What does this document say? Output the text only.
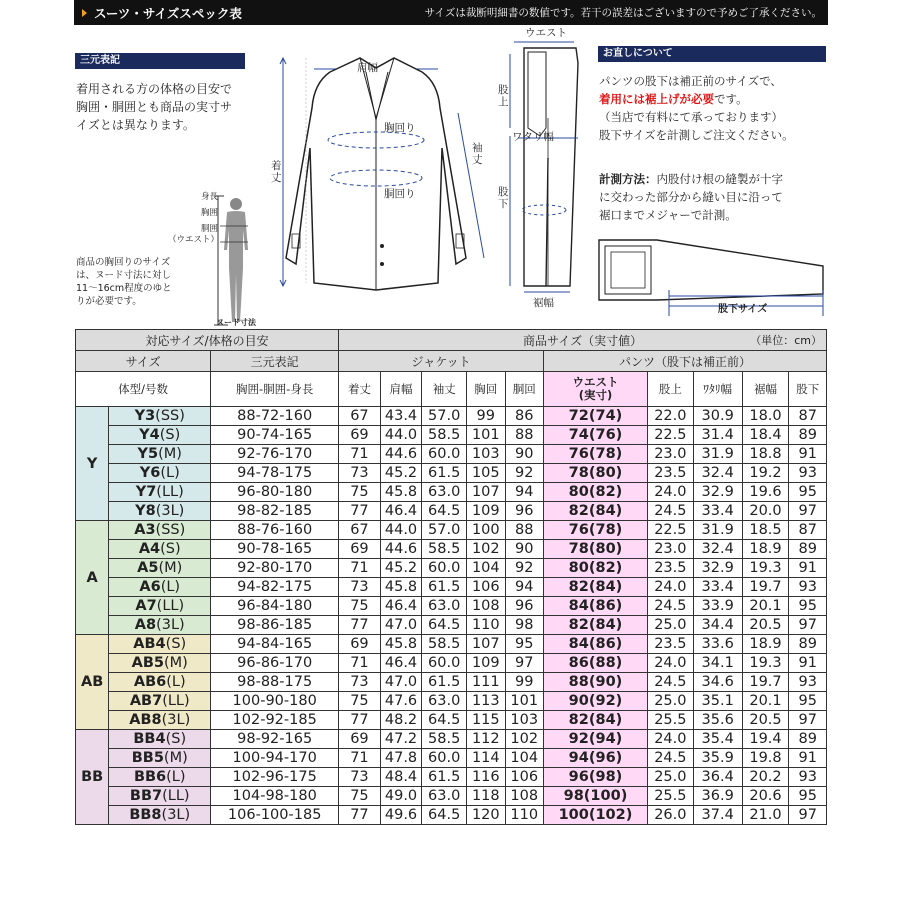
スーツ・サイズスペック表	サイズは裁断明細書の数値です。若干の誤差はございますので予めご了承ください。
三元表記
着用される方の体格の目安で
胸囲・胴囲とも商品の実寸サ
イズとは異なります。
身長
胸囲
胴囲
（ウエスト）
商品の胸回りのサイズ
は、ヌード寸法に対し
11〜16cm程度のゆと
りが必要です。
ヌード寸法
肩幅
胸回り
胴回り
袖丈
着丈
ウエスト
股上
ワタリ幅
股下
裾幅
お直しについて
パンツの股下は補正前のサイズで、
着用には裾上げが必要です。
（当店で有料にて承っております）
股下サイズを計測しご注文ください。
計測方法：内股付け根の縫製が十字
に交わった部分から縫い目に沿って
裾口までメジャーで計測。
股下サイズ
対応サイズ/体格の目安			商品サイズ（実寸値） （単位：cm）									

サイズ		三元表記	ジャケット					パンツ（股下は補正前）				
体型/号数		胸囲-胴囲-身長	着丈	肩幅	袖丈	胸回	胴回	ウエスト
(実寸)	股上	ﾜﾀﾘ幅	裾幅	股下
Y	Y3(SS)	88-72-160	67	43.4	57.0	99	86	72(74)	22.0	30.9	18.0	87
	Y4(S)	90-74-165	69	44.0	58.5	101	88	74(76)	22.5	31.4	18.4	89
	Y5(M)	92-76-170	71	44.6	60.0	103	90	76(78)	23.0	31.9	18.8	91
	Y6(L)	94-78-175	73	45.2	61.5	105	92	78(80)	23.5	32.4	19.2	93
	Y7(LL)	96-80-180	75	45.8	63.0	107	94	80(82)	24.0	32.9	19.6	95
	Y8(3L)	98-82-185	77	46.4	64.5	109	96	82(84)	24.5	33.4	20.0	97
A	A3(SS)	88-76-160	67	44.0	57.0	100	88	76(78)	22.5	31.9	18.5	87
	A4(S)	90-78-165	69	44.6	58.5	102	90	78(80)	23.0	32.4	18.9	89
	A5(M)	92-80-170	71	45.2	60.0	104	92	80(82)	23.5	32.9	19.3	91
	A6(L)	94-82-175	73	45.8	61.5	106	94	82(84)	24.0	33.4	19.7	93
	A7(LL)	96-84-180	75	46.4	63.0	108	96	84(86)	24.5	33.9	20.1	95
	A8(3L)	98-86-185	77	47.0	64.5	110	98	82(84)	25.0	34.4	20.5	97
AB	AB4(S)	94-84-165	69	45.8	58.5	107	95	84(86)	23.5	33.6	18.9	89
	AB5(M)	96-86-170	71	46.4	60.0	109	97	86(88)	24.0	34.1	19.3	91
	AB6(L)	98-88-175	73	47.0	61.5	111	99	88(90)	24.5	34.6	19.7	93
	AB7(LL)	100-90-180	75	47.6	63.0	113	101	90(92)	25.0	35.1	20.1	95
	AB8(3L)	102-92-185	77	48.2	64.5	115	103	82(84)	25.5	35.6	20.5	97
BB	BB4(S)	98-92-165	69	47.2	58.5	112	102	92(94)	24.0	35.4	19.4	89
	BB5(M)	100-94-170	71	47.8	60.0	114	104	94(96)	24.5	35.9	19.8	91
	BB6(L)	102-96-175	73	48.4	61.5	116	106	96(98)	25.0	36.4	20.2	93
	BB7(LL)	104-98-180	75	49.0	63.0	118	108	98(100)	25.5	36.9	20.6	95
	BB8(3L)	106-100-185	77	49.6	64.5	120	110	100(102)	26.0	37.4	21.0	97
